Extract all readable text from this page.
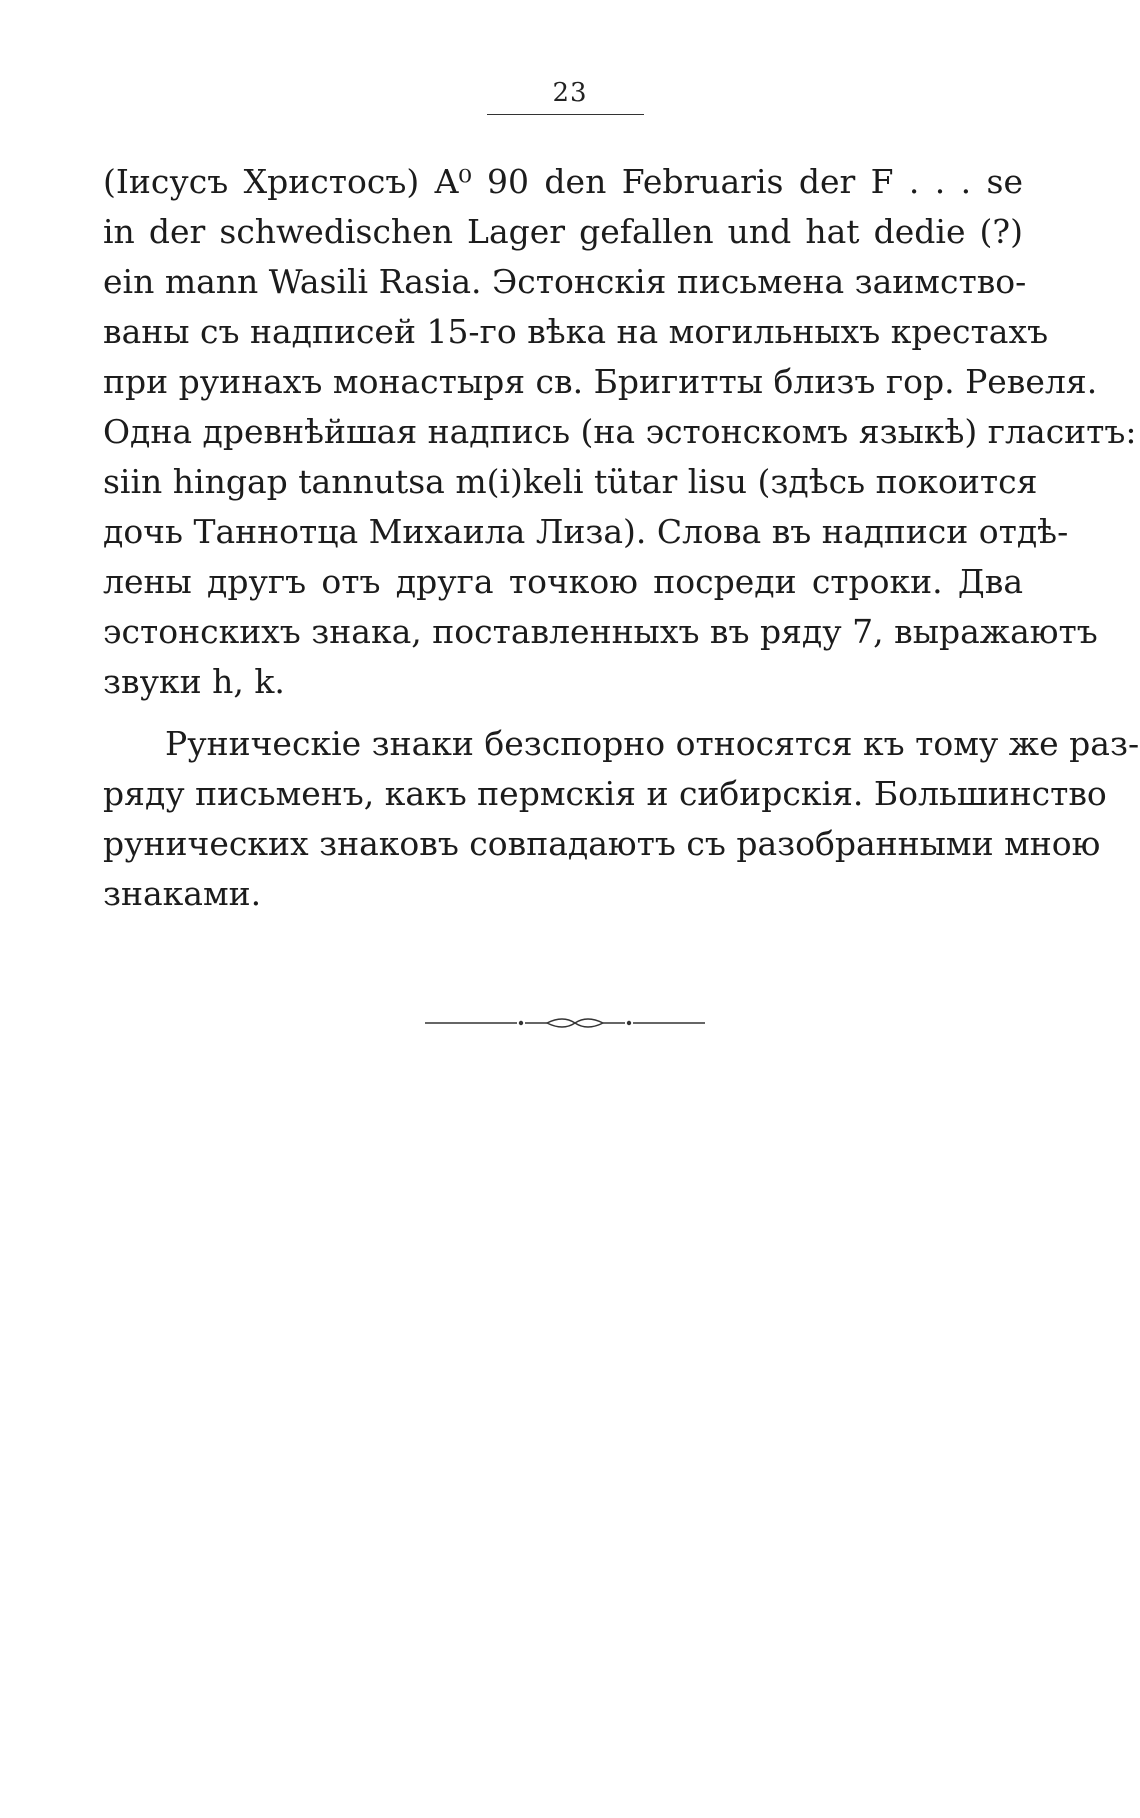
23
(Iисусъ Христосъ) A⁰ 90 den Februaris der F . . . se
in der schwedischen Lager gefallen und hat dedie (?)
ein mann Wasili Rasia. Эстонскія письмена заимство-
ваны съ надписей 15-го вѣка на могильныхъ крестахъ
при руинахъ монастыря св. Бригитты близъ гор. Ревеля.
Одна древнѣйшая надпись (на эстонскомъ языкѣ) гласитъ:
siin hingap tannutsa m(i)keli tütar lisu (здѣсь покоится
дочь Таннотца Михаила Лиза). Слова въ надписи отдѣ-
лены другъ отъ друга точкою посреди строки. Два
эстонскихъ знака, поставленныхъ въ ряду 7, выражаютъ
звуки h, k.
Руническіе знаки безспорно относятся къ тому же раз-
ряду письменъ, какъ пермскія и сибирскія. Большинство
рунических знаковъ совпадаютъ съ разобранными мною
знаками.
